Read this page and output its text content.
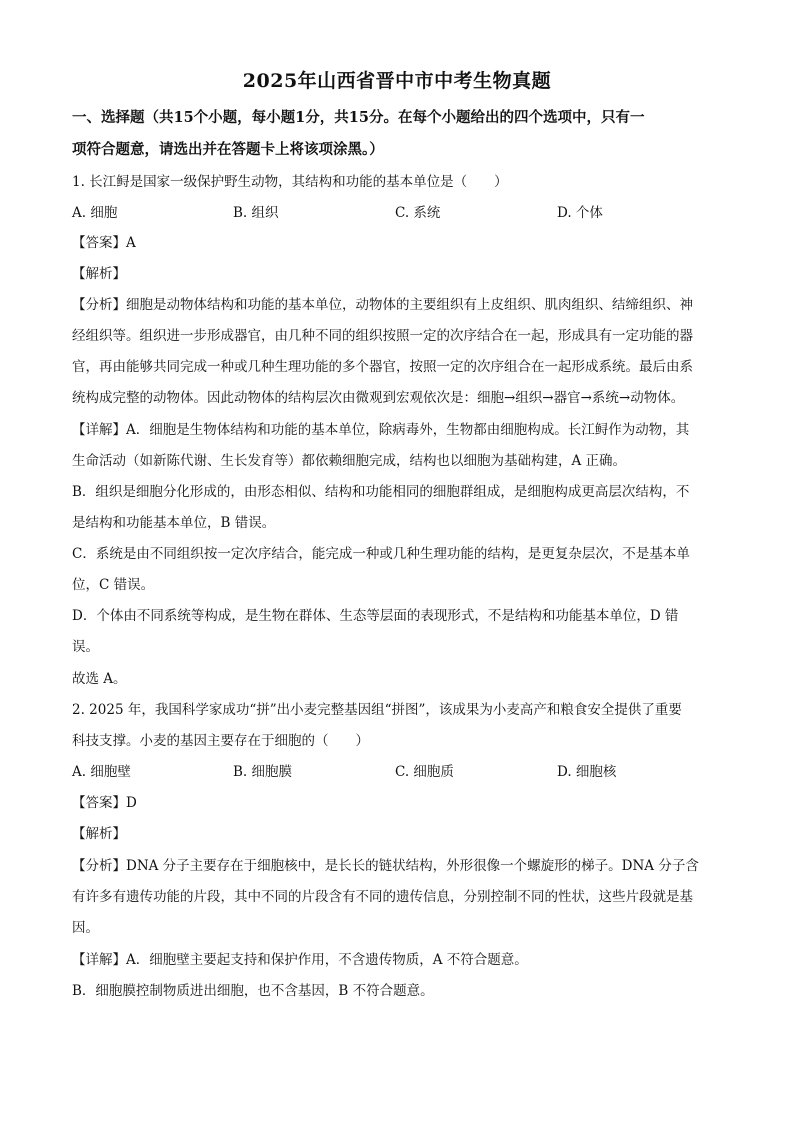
2025年山西省晋中市中考生物真题
一、选择题（共15个小题，每小题1分，共15分。在每个小题给出的四个选项中，只有一
项符合题意，请选出并在答题卡上将该项涂黑。）
1. 长江鲟是国家一级保护野生动物，其结构和功能的基本单位是（　　）
A. 细胞	B. 组织	C. 系统	D. 个体
【答案】A
【解析】
【分析】细胞是动物体结构和功能的基本单位，动物体的主要组织有上皮组织、肌肉组织、结缔组织、神
经组织等。组织进一步形成器官，由几种不同的组织按照一定的次序结合在一起，形成具有一定功能的器
官，再由能够共同完成一种或几种生理功能的多个器官，按照一定的次序组合在一起形成系统。最后由系
统构成完整的动物体。因此动物体的结构层次由微观到宏观依次是：细胞→组织→器官→系统→动物体。
【详解】A．细胞是生物体结构和功能的基本单位，除病毒外，生物都由细胞构成。长江鲟作为动物，其
生命活动（如新陈代谢、生长发育等）都依赖细胞完成，结构也以细胞为基础构建，A 正确。
B．组织是细胞分化形成的，由形态相似、结构和功能相同的细胞群组成，是细胞构成更高层次结构，不
是结构和功能基本单位，B 错误。
C．系统是由不同组织按一定次序结合，能完成一种或几种生理功能的结构，是更复杂层次，不是基本单
位，C 错误。
D．个体由不同系统等构成，是生物在群体、生态等层面的表现形式，不是结构和功能基本单位，D 错
误。
故选 A。
2. 2025 年，我国科学家成功“拼”出小麦完整基因组“拼图”，该成果为小麦高产和粮食安全提供了重要
科技支撑。小麦的基因主要存在于细胞的（　　）
A. 细胞壁	B. 细胞膜	C. 细胞质	D. 细胞核
【答案】D
【解析】
【分析】DNA 分子主要存在于细胞核中，是长长的链状结构，外形很像一个螺旋形的梯子。DNA 分子含
有许多有遗传功能的片段，其中不同的片段含有不同的遗传信息，分别控制不同的性状，这些片段就是基
因。
【详解】A．细胞壁主要起支持和保护作用，不含遗传物质，A 不符合题意。
B．细胞膜控制物质进出细胞，也不含基因，B 不符合题意。
